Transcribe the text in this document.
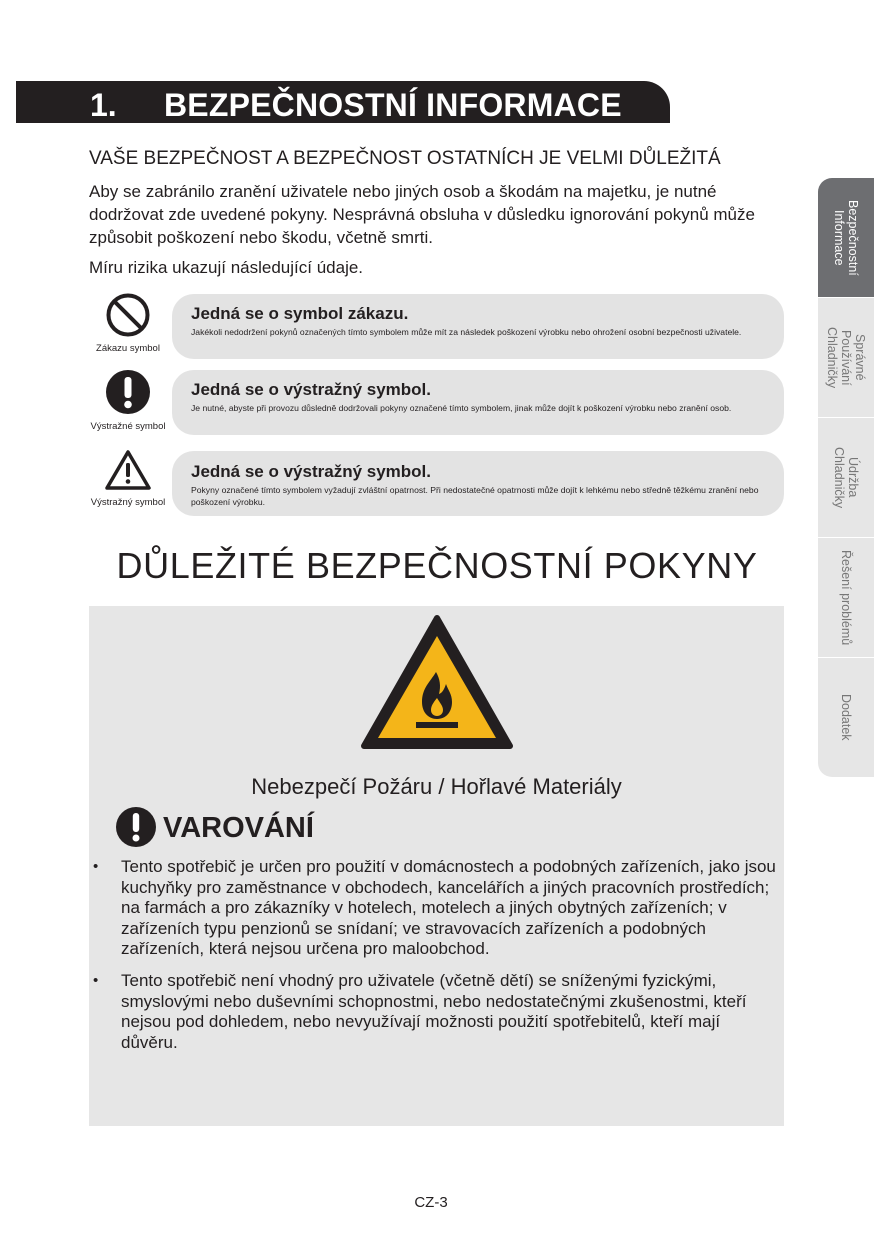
1. BEZPEČNOSTNÍ INFORMACE
VAŠE BEZPEČNOST A BEZPEČNOST OSTATNÍCH JE VELMI DŮLEŽITÁ
Aby se zabránilo zranění uživatele nebo jiných osob a škodám na majetku, je nutné dodržovat zde uvedené pokyny. Nesprávná obsluha v důsledku ignorování pokynů může způsobit poškození nebo škodu, včetně smrti.
Míru rizika ukazují následující údaje.
Zákazu symbol
Jedná se o symbol zákazu.
Jakékoli nedodržení pokynů označených tímto symbolem může mít za následek poškození výrobku nebo ohrožení osobní bezpečnosti uživatele.
Výstražné symbol
Jedná se o výstražný symbol.
Je nutné, abyste při provozu důsledně dodržovali pokyny označené tímto symbolem, jinak může dojít k poškození výrobku nebo zranění osob.
Výstražný symbol
Jedná se o výstražný symbol.
Pokyny označené tímto symbolem vyžadují zvláštní opatrnost. Při nedostatečné opatrnosti může dojít k lehkému nebo středně těžkému zranění nebo poškození výrobku.
DŮLEŽITÉ BEZPEČNOSTNÍ POKYNY
Nebezpečí Požáru / Hořlavé Materiály
VAROVÁNÍ
• Tento spotřebič je určen pro použití v domácnostech a podobných zařízeních, jako jsou kuchyňky pro zaměstnance v obchodech, kancelářích a jiných pracovních prostředích; na farmách a pro zákazníky v hotelech, motelech a jiných obytných zařízeních; v zařízeních typu penzionů se snídaní; ve stravovacích zařízeních a podobných zařízeních, která nejsou určena pro maloobchod.
• Tento spotřebič není vhodný pro uživatele (včetně dětí) se sníženými fyzickými, smyslovými nebo duševními schopnostmi, nebo nedostatečnými zkušenostmi, kteří nejsou pod dohledem, nebo nevyužívají možnosti použití spotřebitelů, kteří mají důvěru.
CZ-3
Bezpečnostní
Informace
Správné
Používání
Chladničky
Údržba
Chladničky
Řešení problémů
Dodatek
